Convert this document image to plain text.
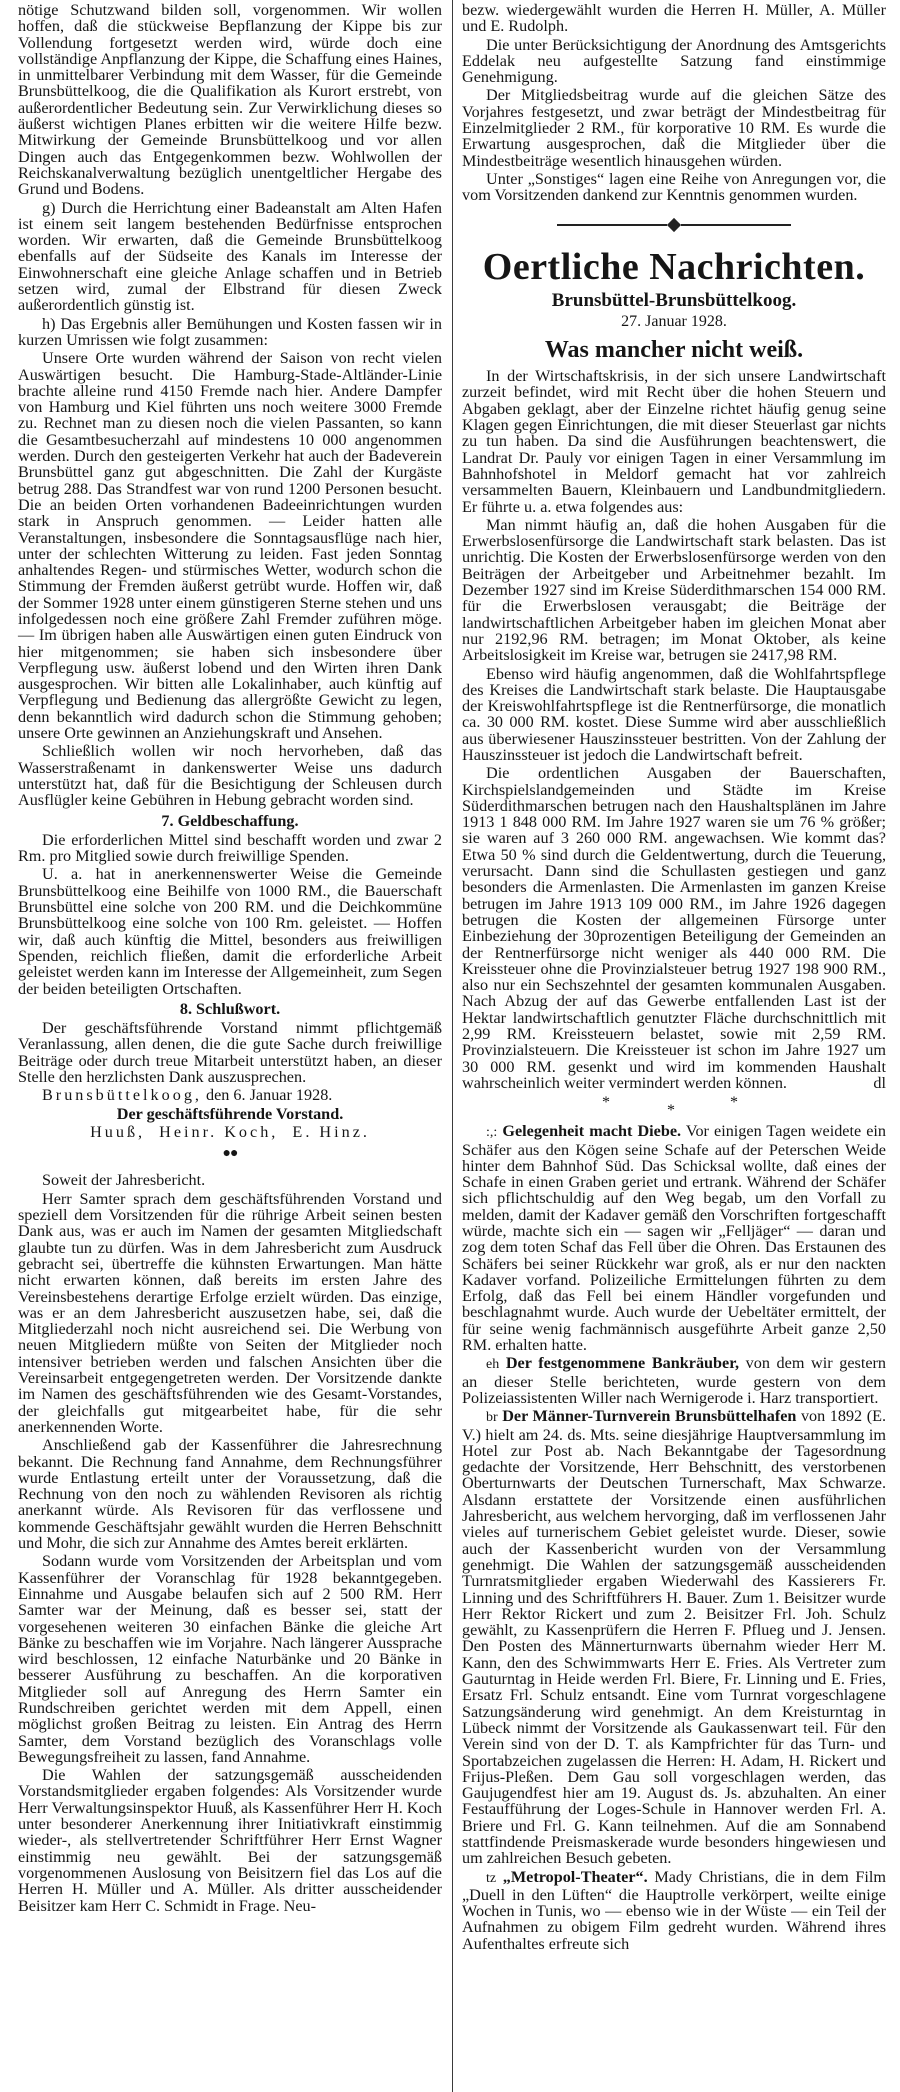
nötige Schutzwand bilden soll, vorgenommen. Wir wollen hoffen, daß die stückweise Bepflanzung der Kippe bis zur Vollendung fortgesetzt werden wird, würde doch eine vollständige Anpflanzung der Kippe, die Schaffung eines Haines, in unmittelbarer Verbindung mit dem Wasser, für die Gemeinde Brunsbüttelkoog, die die Qualifikation als Kurort erstrebt, von außerordentlicher Bedeutung sein. Zur Verwirklichung dieses so äußerst wichtigen Planes erbitten wir die weitere Hilfe bezw. Mitwirkung der Gemeinde Brunsbüttelkoog und vor allen Dingen auch das Entgegenkommen bezw. Wohlwollen der Reichskanalverwaltung bezüglich unentgeltlicher Hergabe des Grund und Bodens.

g) Durch die Herrichtung einer Badeanstalt am Alten Hafen ist einem seit langem bestehenden Bedürfnisse entsprochen worden. Wir erwarten, daß die Gemeinde Brunsbüttelkoog ebenfalls auf der Südseite des Kanals im Interesse der Einwohnerschaft eine gleiche Anlage schaffen und in Betrieb setzen wird, zumal der Elbstrand für diesen Zweck außerordentlich günstig ist.

h) Das Ergebnis aller Bemühungen und Kosten fassen wir in kurzen Umrissen wie folgt zusammen:

Unsere Orte wurden während der Saison von recht vielen Auswärtigen besucht. Die Hamburg-Stade-Altländer-Linie brachte alleine rund 4150 Fremde nach hier. Andere Dampfer von Hamburg und Kiel führten uns noch weitere 3000 Fremde zu. Rechnet man zu diesen noch die vielen Passanten, so kann die Gesamtbesucherzahl auf mindestens 10 000 angenommen werden. Durch den gesteigerten Verkehr hat auch der Badeverein Brunsbüttel ganz gut abgeschnitten. Die Zahl der Kurgäste betrug 288. Das Strandfest war von rund 1200 Personen besucht. Die an beiden Orten vorhandenen Badeeinrichtungen wurden stark in Anspruch genommen. — Leider hatten alle Veranstaltungen, insbesondere die Sonntagsausflüge nach hier, unter der schlechten Witterung zu leiden. Fast jeden Sonntag anhaltendes Regen- und stürmisches Wetter, wodurch schon die Stimmung der Fremden äußerst getrübt wurde. Hoffen wir, daß der Sommer 1928 unter einem günstigeren Sterne stehen und uns infolgedessen noch eine größere Zahl Fremder zuführen möge. — Im übrigen haben alle Auswärtigen einen guten Eindruck von hier mitgenommen; sie haben sich insbesondere über Verpflegung usw. äußerst lobend und den Wirten ihren Dank ausgesprochen. Wir bitten alle Lokalinhaber, auch künftig auf Verpflegung und Bedienung das allergrößte Gewicht zu legen, denn bekanntlich wird dadurch schon die Stimmung gehoben; unsere Orte gewinnen an Anziehungskraft und Ansehen.

Schließlich wollen wir noch hervorheben, daß das Wasserstraßenamt in dankenswerter Weise uns dadurch unterstützt hat, daß für die Besichtigung der Schleusen durch Ausflügler keine Gebühren in Hebung gebracht worden sind.

7. Geldbeschaffung.

Die erforderlichen Mittel sind beschafft worden und zwar 2 Rm. pro Mitglied sowie durch freiwillige Spenden.

U. a. hat in anerkennenswerter Weise die Gemeinde Brunsbüttelkoog eine Beihilfe von 1000 RM., die Bauerschaft Brunsbüttel eine solche von 200 RM. und die Deichkommüne Brunsbüttelkoog eine solche von 100 Rm. geleistet. — Hoffen wir, daß auch künftig die Mittel, besonders aus freiwilligen Spenden, reichlich fließen, damit die erforderliche Arbeit geleistet werden kann im Interesse der Allgemeinheit, zum Segen der beiden beteiligten Ortschaften.

8. Schlußwort.

Der geschäftsführende Vorstand nimmt pflichtgemäß Veranlassung, allen denen, die die gute Sache durch freiwillige Beiträge oder durch treue Mitarbeit unterstützt haben, an dieser Stelle den herzlichsten Dank auszusprechen.

Brunsbüttelkoog, den 6. Januar 1928.

Der geschäftsführende Vorstand.
Huuß,  Heinr. Koch,  E. Hinz.
●●

Soweit der Jahresbericht.

Herr Samter sprach dem geschäftsführenden Vorstand und speziell dem Vorsitzenden für die rührige Arbeit seinen besten Dank aus, was er auch im Namen der gesamten Mitgliedschaft glaubte tun zu dürfen. Was in dem Jahresbericht zum Ausdruck gebracht sei, übertreffe die kühnsten Erwartungen. Man hätte nicht erwarten können, daß bereits im ersten Jahre des Vereinsbestehens derartige Erfolge erzielt würden. Das einzige, was er an dem Jahresbericht auszusetzen habe, sei, daß die Mitgliederzahl noch nicht ausreichend sei. Die Werbung von neuen Mitgliedern müßte von Seiten der Mitglieder noch intensiver betrieben werden und falschen Ansichten über die Vereinsarbeit entgegengetreten werden. Der Vorsitzende dankte im Namen des geschäftsführenden wie des Gesamt-Vorstandes, der gleichfalls gut mitgearbeitet habe, für die sehr anerkennenden Worte.

Anschließend gab der Kassenführer die Jahresrechnung bekannt. Die Rechnung fand Annahme, dem Rechnungsführer wurde Entlastung erteilt unter der Voraussetzung, daß die Rechnung von den noch zu wählenden Revisoren als richtig anerkannt würde. Als Revisoren für das verflossene und kommende Geschäftsjahr gewählt wurden die Herren Behschnitt und Mohr, die sich zur Annahme des Amtes bereit erklärten.

Sodann wurde vom Vorsitzenden der Arbeitsplan und vom Kassenführer der Voranschlag für 1928 bekanntgegeben. Einnahme und Ausgabe belaufen sich auf 2 500 RM. Herr Samter war der Meinung, daß es besser sei, statt der vorgesehenen weiteren 30 einfachen Bänke die gleiche Art Bänke zu beschaffen wie im Vorjahre. Nach längerer Aussprache wird beschlossen, 12 einfache Naturbänke und 20 Bänke in besserer Ausführung zu beschaffen. An die korporativen Mitglieder soll auf Anregung des Herrn Samter ein Rundschreiben gerichtet werden mit dem Appell, einen möglichst großen Beitrag zu leisten. Ein Antrag des Herrn Samter, dem Vorstand bezüglich des Voranschlags volle Bewegungsfreiheit zu lassen, fand Annahme.

Die Wahlen der satzungsgemäß ausscheidenden Vorstandsmitglieder ergaben folgendes: Als Vorsitzender wurde Herr Verwaltungsinspektor Huuß, als Kassenführer Herr H. Koch unter besonderer Anerkennung ihrer Initiativkraft einstimmig wieder-, als stellvertretender Schriftführer Herr Ernst Wagner einstimmig neu gewählt. Bei der satzungsgemäß vorgenommenen Auslosung von Beisitzern fiel das Los auf die Herren H. Müller und A. Müller. Als dritter ausscheidender Beisitzer kam Herr C. Schmidt in Frage. Neu-

bezw. wiedergewählt wurden die Herren H. Müller, A. Müller und E. Rudolph.

Die unter Berücksichtigung der Anordnung des Amtsgerichts Eddelak neu aufgestellte Satzung fand einstimmige Genehmigung.

Der Mitgliedsbeitrag wurde auf die gleichen Sätze des Vorjahres festgesetzt, und zwar beträgt der Mindestbeitrag für Einzelmitglieder 2 RM., für korporative 10 RM. Es wurde die Erwartung ausgesprochen, daß die Mitglieder über die Mindestbeiträge wesentlich hinausgehen würden.

Unter „Sonstiges“ lagen eine Reihe von Anregungen vor, die vom Vorsitzenden dankend zur Kenntnis genommen wurden.

Oertliche Nachrichten.
Brunsbüttel-Brunsbüttelkoog.
27. Januar 1928.
Was mancher nicht weiß.

In der Wirtschaftskrisis, in der sich unsere Landwirtschaft zurzeit befindet, wird mit Recht über die hohen Steuern und Abgaben geklagt, aber der Einzelne richtet häufig genug seine Klagen gegen Einrichtungen, die mit dieser Steuerlast gar nichts zu tun haben. Da sind die Ausführungen beachtenswert, die Landrat Dr. Pauly vor einigen Tagen in einer Versammlung im Bahnhofshotel in Meldorf gemacht hat vor zahlreich versammelten Bauern, Kleinbauern und Landbundmitgliedern. Er führte u. a. etwa folgendes aus:

Man nimmt häufig an, daß die hohen Ausgaben für die Erwerbslosenfürsorge die Landwirtschaft stark belasten. Das ist unrichtig. Die Kosten der Erwerbslosenfürsorge werden von den Beiträgen der Arbeitgeber und Arbeitnehmer bezahlt. Im Dezember 1927 sind im Kreise Süderdithmarschen 154 000 RM. für die Erwerbslosen verausgabt; die Beiträge der landwirtschaftlichen Arbeitgeber haben im gleichen Monat aber nur 2192,96 RM. betragen; im Monat Oktober, als keine Arbeitslosigkeit im Kreise war, betrugen sie 2417,98 RM.

Ebenso wird häufig angenommen, daß die Wohlfahrtspflege des Kreises die Landwirtschaft stark belaste. Die Hauptausgabe der Kreiswohlfahrtspflege ist die Rentnerfürsorge, die monatlich ca. 30 000 RM. kostet. Diese Summe wird aber ausschließlich aus überwiesener Hauszinssteuer bestritten. Von der Zahlung der Hauszinssteuer ist jedoch die Landwirtschaft befreit.

Die ordentlichen Ausgaben der Bauerschaften, Kirchspielslandgemeinden und Städte im Kreise Süderdithmarschen betrugen nach den Haushaltsplänen im Jahre 1913 1 848 000 RM. Im Jahre 1927 waren sie um 76 % größer; sie waren auf 3 260 000 RM. angewachsen. Wie kommt das? Etwa 50 % sind durch die Geldentwertung, durch die Teuerung, verursacht. Dann sind die Schullasten gestiegen und ganz besonders die Armenlasten. Die Armenlasten im ganzen Kreise betrugen im Jahre 1913 109 000 RM., im Jahre 1926 dagegen betrugen die Kosten der allgemeinen Fürsorge unter Einbeziehung der 30prozentigen Beteiligung der Gemeinden an der Rentnerfürsorge nicht weniger als 440 000 RM. Die Kreissteuer ohne die Provinzialsteuer betrug 1927 198 900 RM., also nur ein Sechszehntel der gesamten kommunalen Ausgaben. Nach Abzug der auf das Gewerbe entfallenden Last ist der Hektar landwirtschaftlich genutzter Fläche durchschnittlich mit 2,99 RM. Kreissteuern belastet, sowie mit 2,59 RM. Provinzialsteuern. Die Kreissteuer ist schon im Jahre 1927 um 30 000 RM. gesenkt und wird im kommenden Haushalt wahrscheinlich weiter vermindert werden können.	dl

*	*	*

:,: Gelegenheit macht Diebe. Vor einigen Tagen weidete ein Schäfer aus den Kögen seine Schafe auf der Peterschen Weide hinter dem Bahnhof Süd. Das Schicksal wollte, daß eines der Schafe in einen Graben geriet und ertrank. Während der Schäfer sich pflichtschuldig auf den Weg begab, um den Vorfall zu melden, damit der Kadaver gemäß den Vorschriften fortgeschafft würde, machte sich ein — sagen wir „Felljäger“ — daran und zog dem toten Schaf das Fell über die Ohren. Das Erstaunen des Schäfers bei seiner Rückkehr war groß, als er nur den nackten Kadaver vorfand. Polizeiliche Ermittelungen führten zu dem Erfolg, daß das Fell bei einem Händler vorgefunden und beschlagnahmt wurde. Auch wurde der Uebeltäter ermittelt, der für seine wenig fachmännisch ausgeführte Arbeit ganze 2,50 RM. erhalten hatte.

eh Der festgenommene Bankräuber, von dem wir gestern an dieser Stelle berichteten, wurde gestern von dem Polizeiassistenten Willer nach Wernigerode i. Harz transportiert.

br Der Männer-Turnverein Brunsbüttelhafen von 1892 (E. V.) hielt am 24. ds. Mts. seine diesjährige Hauptversammlung im Hotel zur Post ab. Nach Bekanntgabe der Tagesordnung gedachte der Vorsitzende, Herr Behschnitt, des verstorbenen Oberturnwarts der Deutschen Turnerschaft, Max Schwarze. Alsdann erstattete der Vorsitzende einen ausführlichen Jahresbericht, aus welchem hervorging, daß im verflossenen Jahr vieles auf turnerischem Gebiet geleistet wurde. Dieser, sowie auch der Kassenbericht wurden von der Versammlung genehmigt. Die Wahlen der satzungsgemäß ausscheidenden Turnratsmitglieder ergaben Wiederwahl des Kassierers Fr. Linning und des Schriftführers H. Bauer. Zum 1. Beisitzer wurde Herr Rektor Rickert und zum 2. Beisitzer Frl. Joh. Schulz gewählt, zu Kassenprüfern die Herren F. Pflueg und J. Jensen. Den Posten des Männerturnwarts übernahm wieder Herr M. Kann, den des Schwimmwarts Herr E. Fries. Als Vertreter zum Gauturntag in Heide werden Frl. Biere, Fr. Linning und E. Fries, Ersatz Frl. Schulz entsandt. Eine vom Turnrat vorgeschlagene Satzungsänderung wird genehmigt. An dem Kreisturntag in Lübeck nimmt der Vorsitzende als Gaukassenwart teil. Für den Verein sind von der D. T. als Kampfrichter für das Turn- und Sportabzeichen zugelassen die Herren: H. Adam, H. Rickert und Frijus-Pleßen. Dem Gau soll vorgeschlagen werden, das Gaujugendfest hier am 19. August ds. Js. abzuhalten. An einer Festaufführung der Loges-Schule in Hannover werden Frl. A. Briere und Frl. G. Kann teilnehmen. Auf die am Sonnabend stattfindende Preismaskerade wurde besonders hingewiesen und um zahlreichen Besuch gebeten.

tz „Metropol-Theater“. Mady Christians, die in dem Film „Duell in den Lüften“ die Hauptrolle verkörpert, weilte einige Wochen in Tunis, wo — ebenso wie in der Wüste — ein Teil der Aufnahmen zu obigem Film gedreht wurden. Während ihres Aufenthaltes erfreute sich
